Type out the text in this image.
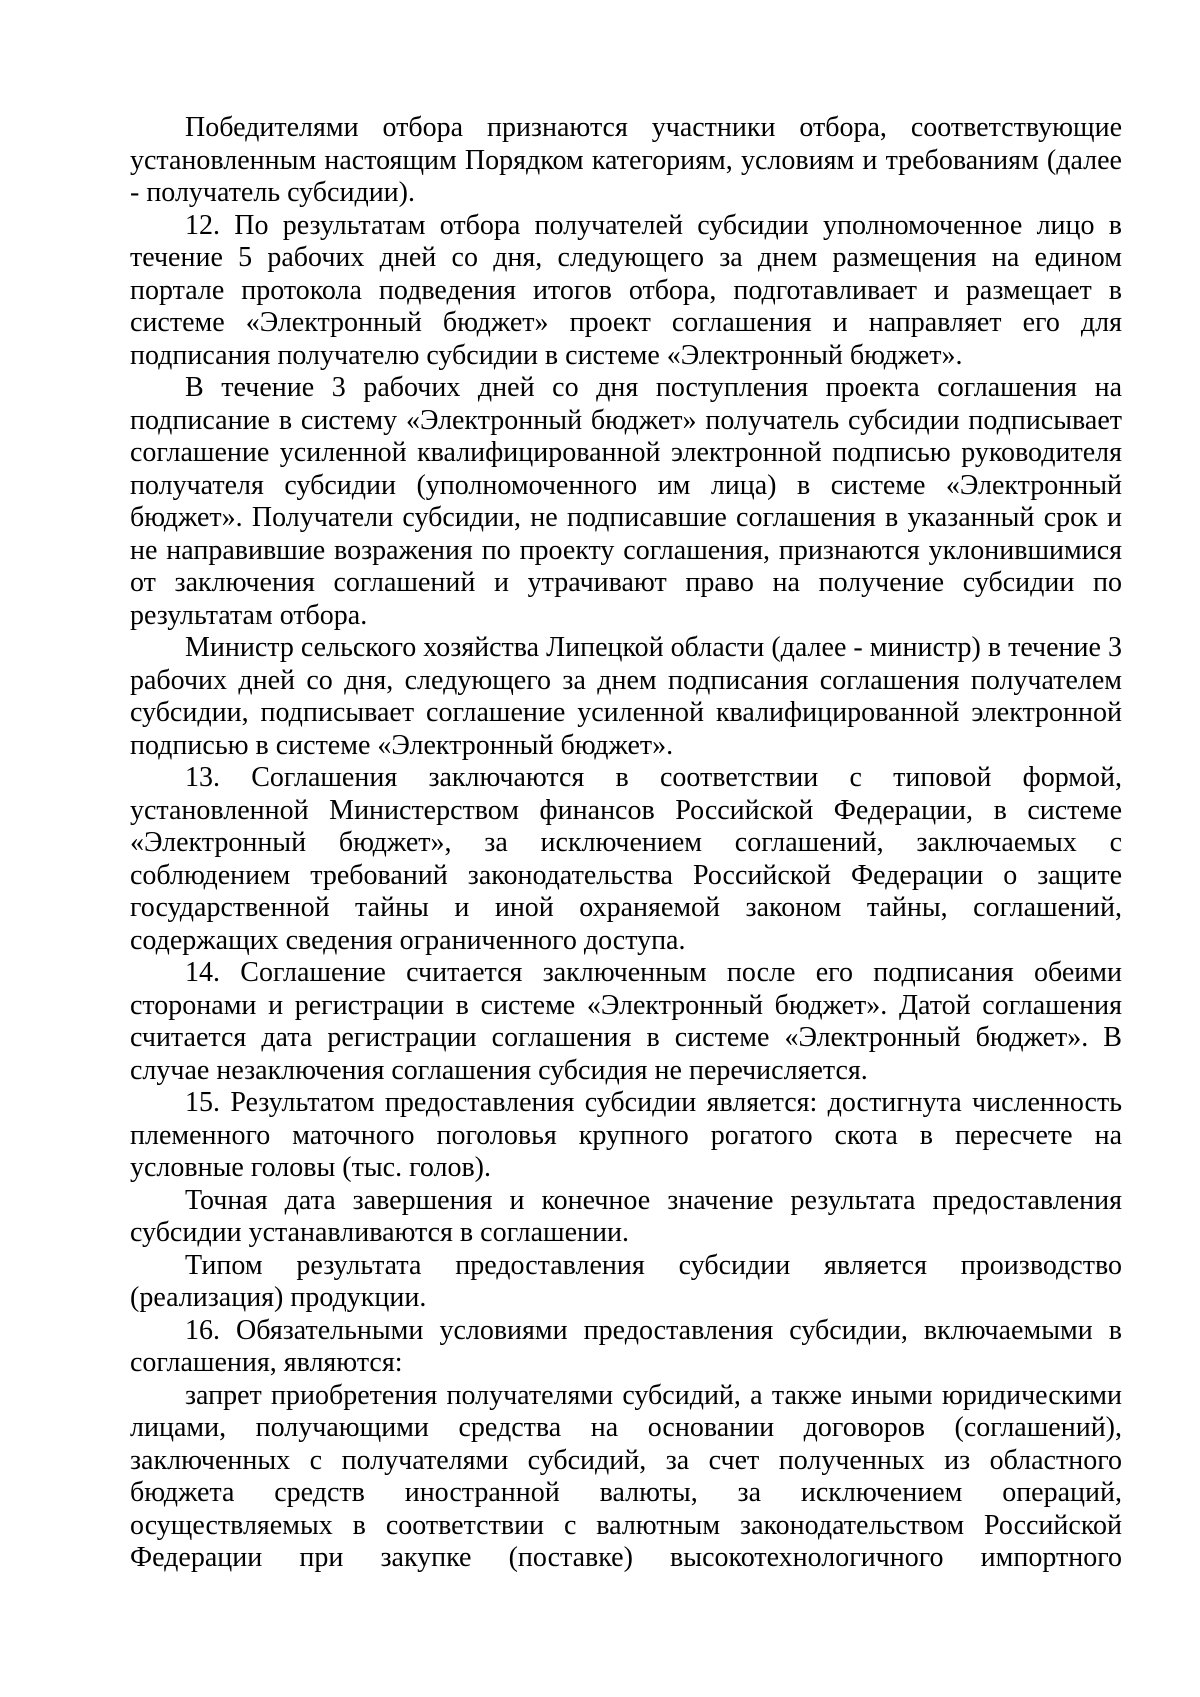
Победителями отбора признаются участники отбора, соответствующие установленным настоящим Порядком категориям, условиям и требованиям (далее - получатель субсидии).

12. По результатам отбора получателей субсидии уполномоченное лицо в течение 5 рабочих дней со дня, следующего за днем размещения на едином портале протокола подведения итогов отбора, подготавливает и размещает в системе «Электронный бюджет» проект соглашения и направляет его для подписания получателю субсидии в системе «Электронный бюджет».

В течение 3 рабочих дней со дня поступления проекта соглашения на подписание в систему «Электронный бюджет» получатель субсидии подписывает соглашение усиленной квалифицированной электронной подписью руководителя получателя субсидии (уполномоченного им лица) в системе «Электронный бюджет». Получатели субсидии, не подписавшие соглашения в указанный срок и не направившие возражения по проекту соглашения, признаются уклонившимися от заключения соглашений и утрачивают право на получение субсидии по результатам отбора.

Министр сельского хозяйства Липецкой области (далее - министр) в течение 3 рабочих дней со дня, следующего за днем подписания соглашения получателем субсидии, подписывает соглашение усиленной квалифицированной электронной подписью в системе «Электронный бюджет».

13. Соглашения заключаются в соответствии с типовой формой, установленной Министерством финансов Российской Федерации, в системе «Электронный бюджет», за исключением соглашений, заключаемых с соблюдением требований законодательства Российской Федерации о защите государственной тайны и иной охраняемой законом тайны, соглашений, содержащих сведения ограниченного доступа.

14. Соглашение считается заключенным после его подписания обеими сторонами и регистрации в системе «Электронный бюджет». Датой соглашения считается дата регистрации соглашения в системе «Электронный бюджет». В случае незаключения соглашения субсидия не перечисляется.

15. Результатом предоставления субсидии является: достигнута численность племенного маточного поголовья крупного рогатого скота в пересчете на условные головы (тыс. голов).

Точная дата завершения и конечное значение результата предоставления субсидии устанавливаются в соглашении.

Типом результата предоставления субсидии является производство (реализация) продукции.

16. Обязательными условиями предоставления субсидии, включаемыми в соглашения, являются:

запрет приобретения получателями субсидий, а также иными юридическими лицами, получающими средства на основании договоров (соглашений), заключенных с получателями субсидий, за счет полученных из областного бюджета средств иностранной валюты, за исключением операций, осуществляемых в соответствии с валютным законодательством Российской Федерации при закупке (поставке) высокотехнологичного импортного
